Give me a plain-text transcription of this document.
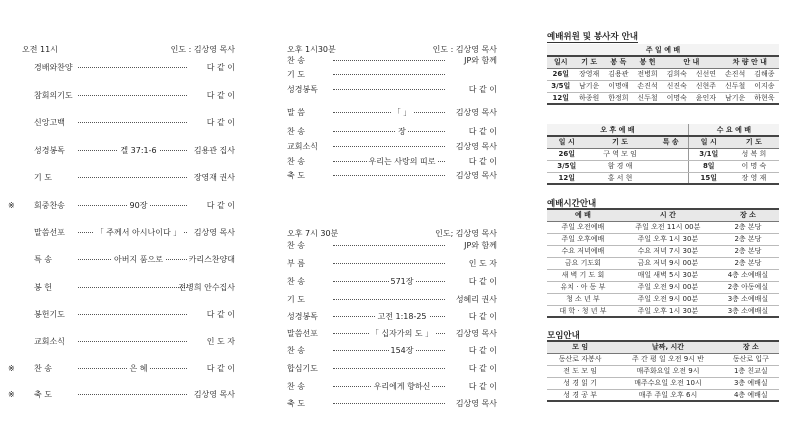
오전 11시	인도 : 김상영 목사
경배와찬양	다 같 이
참회의기도	다 같 이
신앙고백	다 같 이
성경봉독	겔 37:1-6	김용관 집사
기 도	장영재 권사
※ 회중찬송	90장	다 같 이
말씀선포	「 주께서 아시나이다 」	김상영 목사
특 송	아버지 품으로	카리스찬양대
봉 헌	전병희 안수집사
봉헌기도	다 같 이
교회소식	인 도 자
※ 찬 송	은 혜	다 같 이
※ 축 도	김상영 목사
오후 1시30분	인도 : 김상영 목사
오후 7시 30분	인도; 김상영 목사
찬 송	JP와 함께
기 도
성경봉독	다 같 이
말 씀	「 」	김상영 목사
찬 송	장	다 같 이
교회소식	김상영 목사
찬 송	우리는 사랑의 띠로	다 같 이
축 도	김상영 목사
찬 송	JP와 함께
부 름	인 도 자
찬 송	571장	다 같 이
기 도	성혜리 권사
성경봉독	고전 1:18-25	다 같 이
말씀선포	「 십자가의 도 」	김상영 목사
찬 송	154장	다 같 이
합심기도	다 같 이
찬 송	우리에게 향하신	다 같 이
축 도	김상영 목사
예배위원 및 봉사자 안내
주 일 예 배							
일시	기 도	봉 독	봉 헌	안 내		차 량 안 내	
26일	장영재	김용관	전병희	김희숙	신선연	손진석	김해종
3/5일	남기운	이명애	손진석	신진숙	신현주	신두철	이지송
12일	하종원	한정희	신두철	이명숙	윤인자	남기운	하현욱
오 후 예 배			수 요 예 배	
일 시	기 도	특 송	일 시	기 도
26일	구 역 모 임		3/1일	성 복 희
3/5일	함 경 애		8일	이 명 숙
12일	홍 서 현		15일	장 영 재
예배시간안내
예 배	시 간	장 소
주일 오전예배	주일 오전 11시 00분	2층 본당
주일 오후예배	주일 오후 1시 30분	2층 본당
수요 저녁예배	수요 저녁 7시 30분	2층 본당
금요 기도회	금요 저녁 9시 00분	2층 본당
새 벽 기 도 회	매일 새벽 5시 30분	4층 소예배실
유치 · 아 동 부	주일 오전 9시 00분	2층 아동예실
청 소 년 부	주일 오전 9시 00분	3층 소예배실
대 학 · 청 년 부	주일 오후 1시 30분	3층 소예배실
모임안내
모 임	날짜, 시간	장 소
동산로 자봉사	주 간 평 일 오전 9시 반	동산로 입구
전 도 모 임	매주화요일 오전 9시	1층 친교실
성 경 읽 기	매주수요일 오전 10시	3층 예배실
성 경 공 부	매주 주일 오후 6시	4층 예배실
